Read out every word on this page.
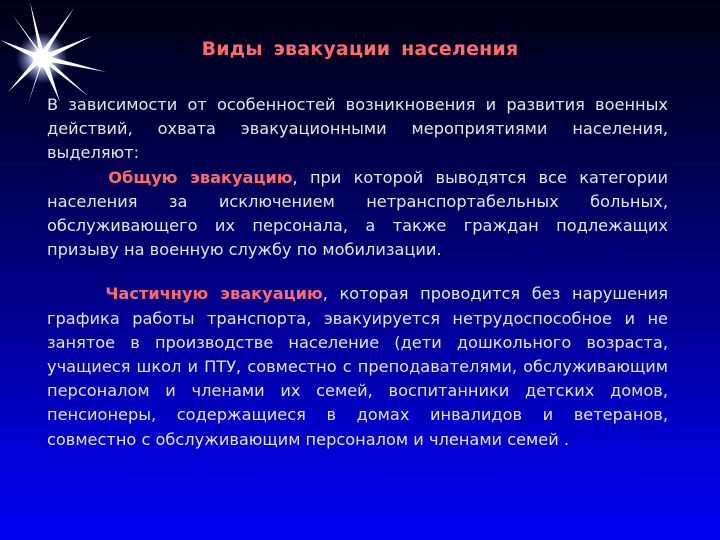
Виды эвакуации населения

В зависимости от особенностей возникновения и развития военных действий, охвата эвакуационными мероприятиями населения, выделяют:

Общую эвакуацию, при которой выводятся все категории населения за исключением нетранспортабельных больных, обслуживающего их персонала, а также граждан подлежащих призыву на военную службу по мобилизации.

Частичную эвакуацию, которая проводится без нарушения графика работы транспорта, эвакуируется нетрудоспособное и не занятое в производстве население (дети дошкольного возраста, учащиеся школ и ПТУ, совместно с преподавателями, обслуживающим персоналом и членами их семей, воспитанники детских домов, пенсионеры, содержащиеся в домах инвалидов и ветеранов, совместно с обслуживающим персоналом и членами семей .
